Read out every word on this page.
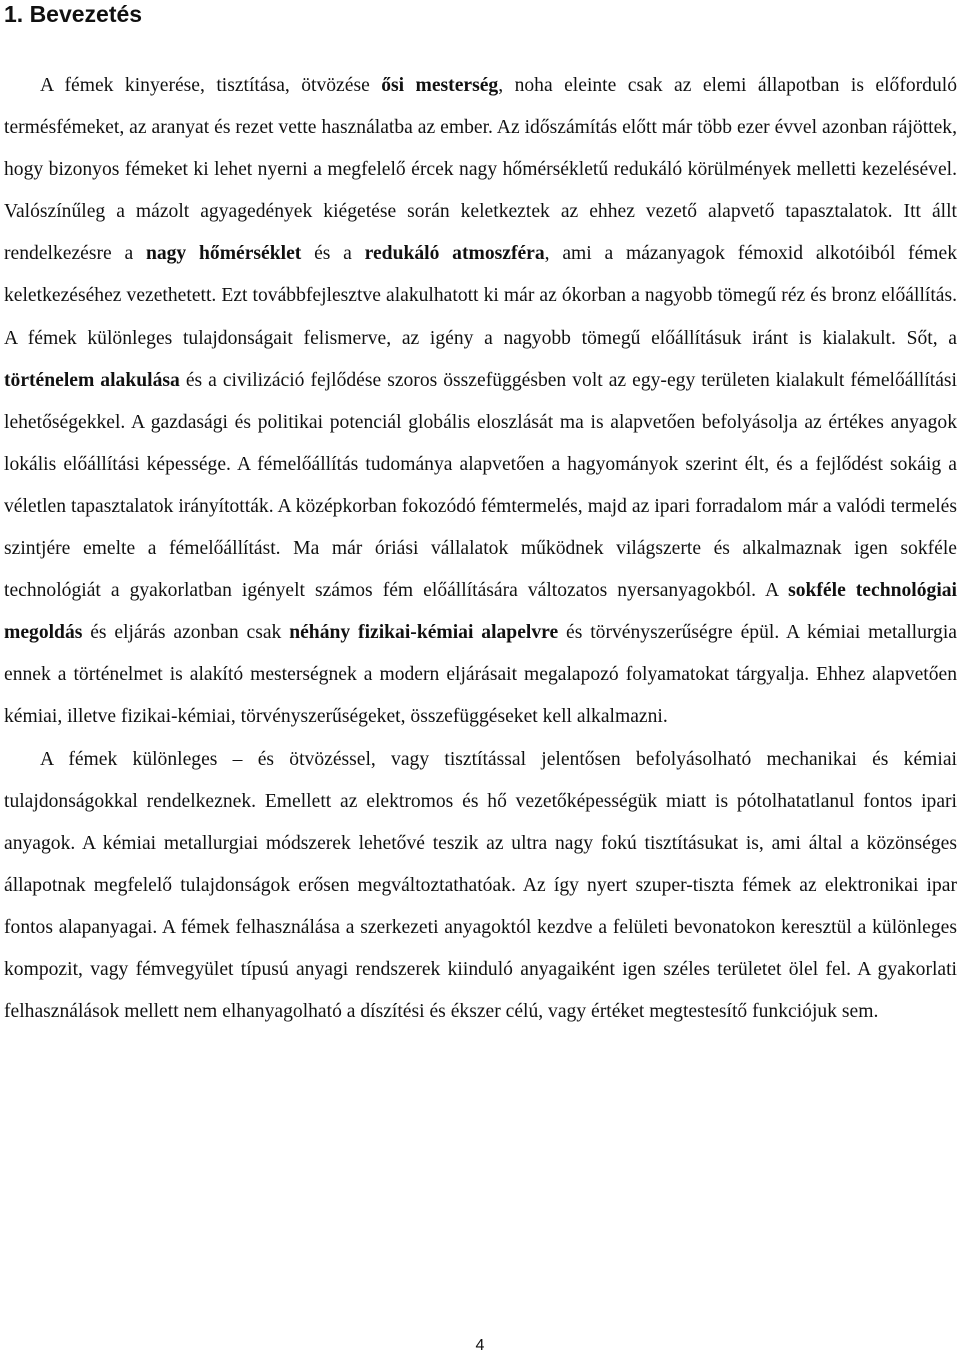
1. Bevezetés

A fémek kinyerése, tisztítása, ötvözése ősi mesterség, noha eleinte csak az elemi állapotban is előforduló termésfémeket, az aranyat és rezet vette használatba az ember. Az időszámítás előtt már több ezer évvel azonban rájöttek, hogy bizonyos fémeket ki lehet nyerni a megfelelő ércek nagy hőmérsékletű redukáló körülmények melletti kezelésével. Valószínűleg a mázolt agyagedények kiégetése során keletkeztek az ehhez vezető alapvető tapasztalatok. Itt állt rendelkezésre a nagy hőmérséklet és a redukáló atmoszféra, ami a mázanyagok fémoxid alkotóiból fémek keletkezéséhez vezethetett. Ezt továbbfejlesztve alakulhatott ki már az ókorban a nagyobb tömegű réz és bronz előállítás. A fémek különleges tulajdonságait felismerve, az igény a nagyobb tömegű előállításuk iránt is kialakult. Sőt, a történelem alakulása és a civilizáció fejlődése szoros összefüggésben volt az egy-egy területen kialakult fémelőállítási lehetőségekkel. A gazdasági és politikai potenciál globális eloszlását ma is alapvetően befolyásolja az értékes anyagok lokális előállítási képessége. A fémelőállítás tudománya alapvetően a hagyományok szerint élt, és a fejlődést sokáig a véletlen tapasztalatok irányították. A középkorban fokozódó fémtermelés, majd az ipari forradalom már a valódi termelés szintjére emelte a fémelőállítást. Ma már óriási vállalatok működnek világszerte és alkalmaznak igen sokféle technológiát a gyakorlatban igényelt számos fém előállítására változatos nyersanyagokból. A sokféle technológiai megoldás és eljárás azonban csak néhány fizikai-kémiai alapelvre és törvényszerűségre épül. A kémiai metallurgia ennek a történelmet is alakító mesterségnek a modern eljárásait megalapozó folyamatokat tárgyalja. Ehhez alapvetően kémiai, illetve fizikai-kémiai, törvényszerűségeket, összefüggéseket kell alkalmazni.

A fémek különleges – és ötvözéssel, vagy tisztítással jelentősen befolyásolható mechanikai és kémiai tulajdonságokkal rendelkeznek. Emellett az elektromos és hő vezetőképességük miatt is pótolhatatlanul fontos ipari anyagok. A kémiai metallurgiai módszerek lehetővé teszik az ultra nagy fokú tisztításukat is, ami által a közönséges állapotnak megfelelő tulajdonságok erősen megváltoztathatóak. Az így nyert szuper-tiszta fémek az elektronikai ipar fontos alapanyagai. A fémek felhasználása a szerkezeti anyagoktól kezdve a felületi bevonatokon keresztül a különleges kompozit, vagy fémvegyület típusú anyagi rendszerek kiinduló anyagaiként igen széles területet ölel fel. A gyakorlati felhasználások mellett nem elhanyagolható a díszítési és ékszer célú, vagy értéket megtestesítő funkciójuk sem.

4
